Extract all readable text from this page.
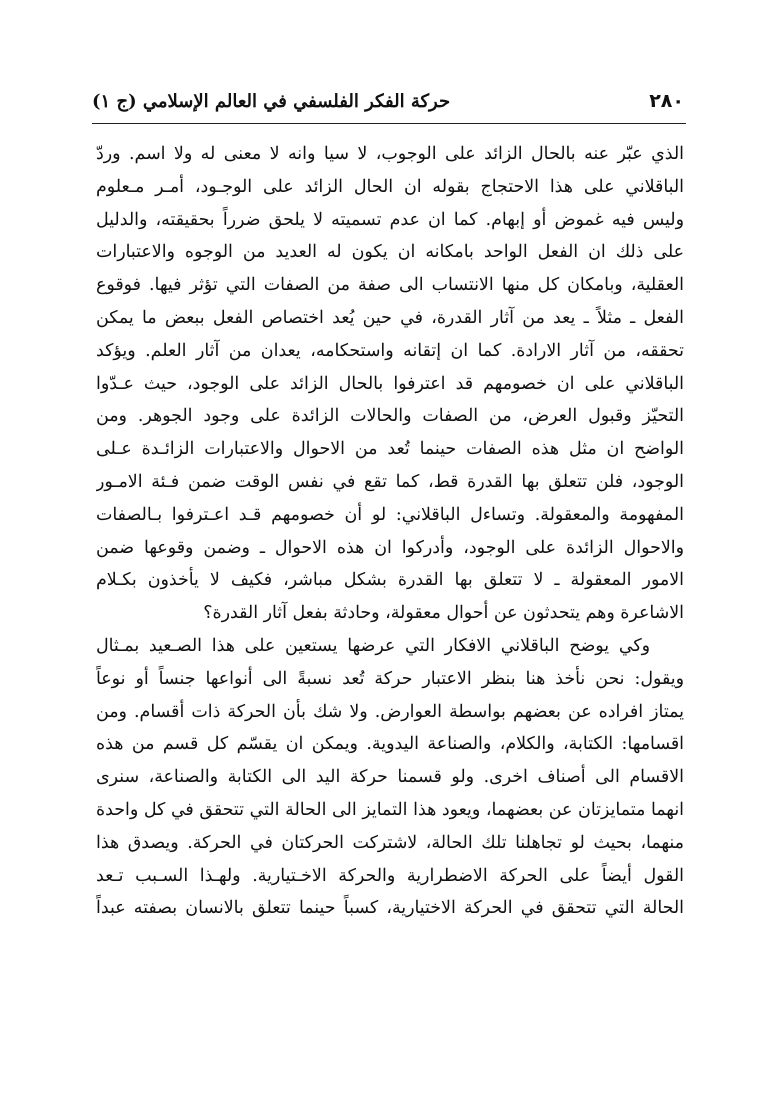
٢٨٠
حركة الفكر الفلسفي في العالم الإسلامي (ج ١)
الذي عبّر عنه بالحال الزائد على الوجوب، لا سيا وانه لا معنى له ولا اسم. وردّ
الباقلاني على هذا الاحتجاج بقوله ان الحال الزائد على الوجـود، أمـر مـعلوم
وليس فيه غموض أو إبهام. كما ان عدم تسميته لا يلحق ضرراً بحقيقته، والدليل
على ذلك ان الفعل الواحد بامكانه ان يكون له العديد من الوجوه والاعتبارات
العقلية، وبامكان كل منها الانتساب الى صفة من الصفات التي تؤثر فيها. فوقوع
الفعل ـ مثلاً ـ يعد من آثار القدرة، في حين يُعد اختصاص الفعل ببعض ما يمكن
تحققه، من آثار الارادة. كما ان إتقانه واستحكامه، يعدان من آثار العلم. ويؤكد
الباقلاني على ان خصومهم قد اعترفوا بالحال الزائد على الوجود، حيث عـدّوا
التحيّز وقبول العرض، من الصفات والحالات الزائدة على وجود الجوهر. ومن
الواضح ان مثل هذه الصفات حينما تُعد من الاحوال والاعتبارات الزائـدة عـلى
الوجود، فلن تتعلق بها القدرة قط، كما تقع في نفس الوقت ضمن فـئة الامـور
المفهومة والمعقولة. وتساءل الباقلاني: لو أن خصومهم قـد اعـترفوا بـالصفات
والاحوال الزائدة على الوجود، وأدركوا ان هذه الاحوال ـ وضمن وقوعها ضمن
الامور المعقولة ـ لا تتعلق بها القدرة بشكل مباشر، فكيف لا يأخذون بكـلام
الاشاعرة وهم يتحدثون عن أحوال معقولة، وحادثة بفعل آثار القدرة؟
وكي يوضح الباقلاني الافكار التي عرضها يستعين على هذا الصـعيد بمـثال
ويقول: نحن نأخذ هنا بنظر الاعتبار حركة تُعد نسبةً الى أنواعها جنساً أو نوعاً
يمتاز افراده عن بعضهم بواسطة العوارض. ولا شك بأن الحركة ذات أقسام. ومن
اقسامها: الكتابة، والكلام، والصناعة اليدوية. ويمكن ان يقسّم كل قسم من هذه
الاقسام الى أصناف اخرى. ولو قسمنا حركة اليد الى الكتابة والصناعة، سنرى
انهما متمايزتان عن بعضهما، ويعود هذا التمايز الى الحالة التي تتحقق في كل واحدة
منهما، بحيث لو تجاهلنا تلك الحالة، لاشتركت الحركتان في الحركة. ويصدق هذا
القول أيضاً على الحركة الاضطرارية والحركة الاخـتيارية. ولهـذا السـبب تـعد
الحالة التي تتحقق في الحركة الاختيارية، كسباً حينما تتعلق بالانسان بصفته عبداً
